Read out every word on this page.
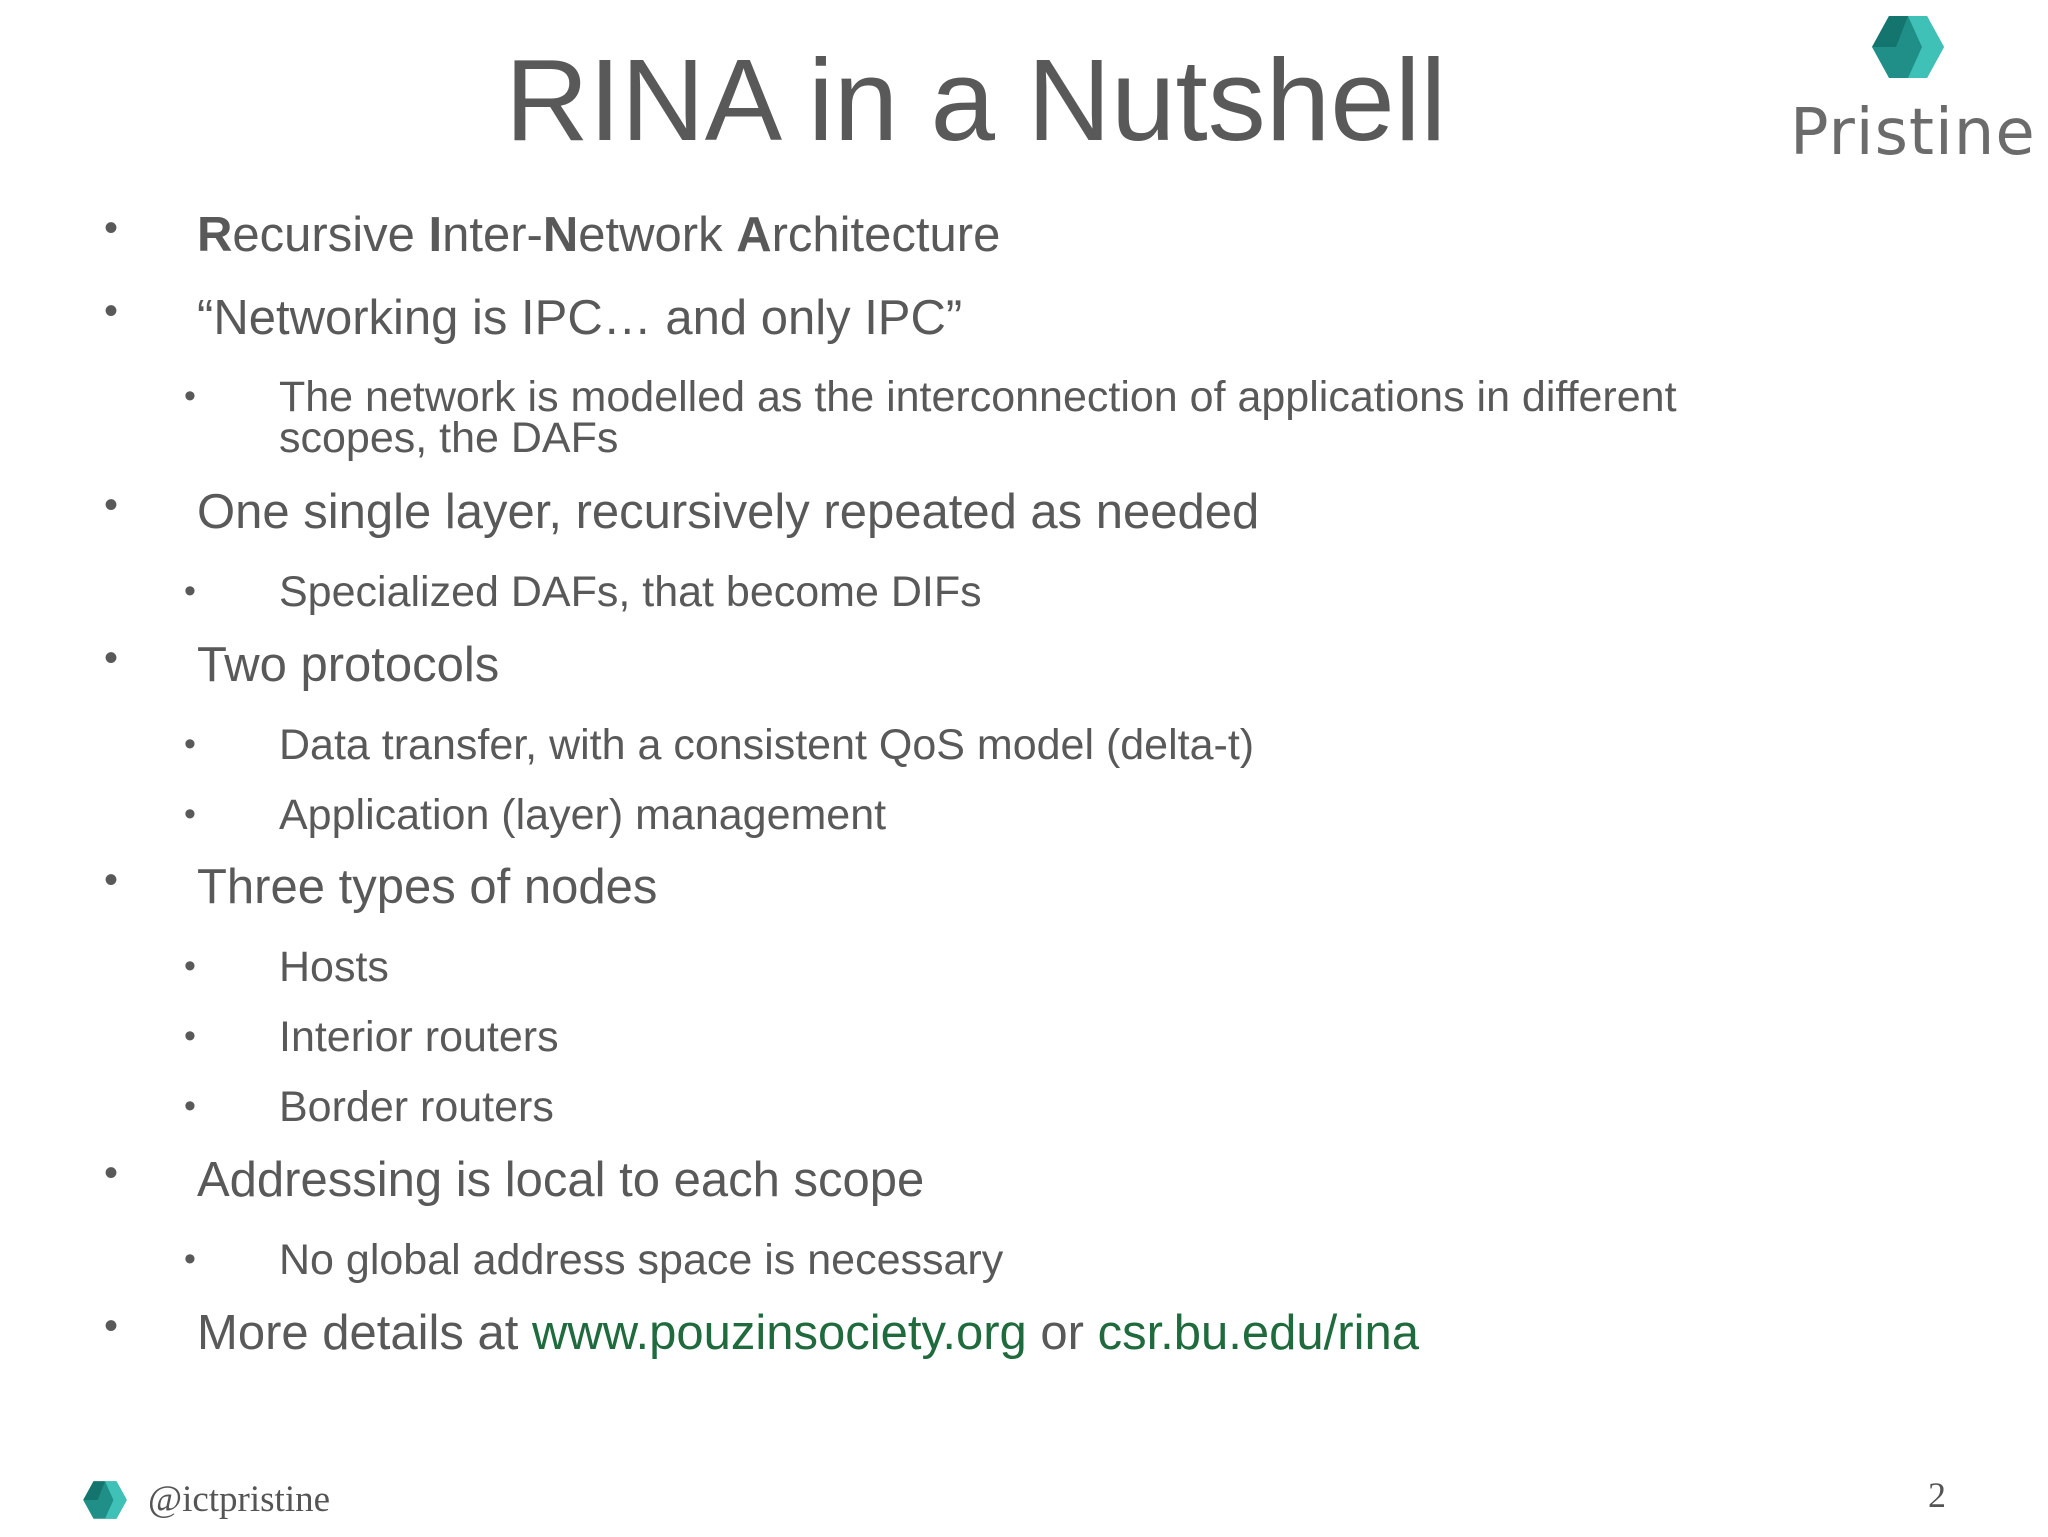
RINA in a Nutshell	Pristine
• Recursive Inter-Network Architecture
• “Networking is IPC… and only IPC”
• The network is modelled as the interconnection of applications in different
scopes, the DAFs
• One single layer, recursively repeated as needed
• Specialized DAFs, that become DIFs
• Two protocols
• Data transfer, with a consistent QoS model (delta-t)
• Application (layer) management
• Three types of nodes
• Hosts
• Interior routers
• Border routers
• Addressing is local to each scope
• No global address space is necessary
• More details at www.pouzinsociety.org or csr.bu.edu/rina
@ictpristine	2
